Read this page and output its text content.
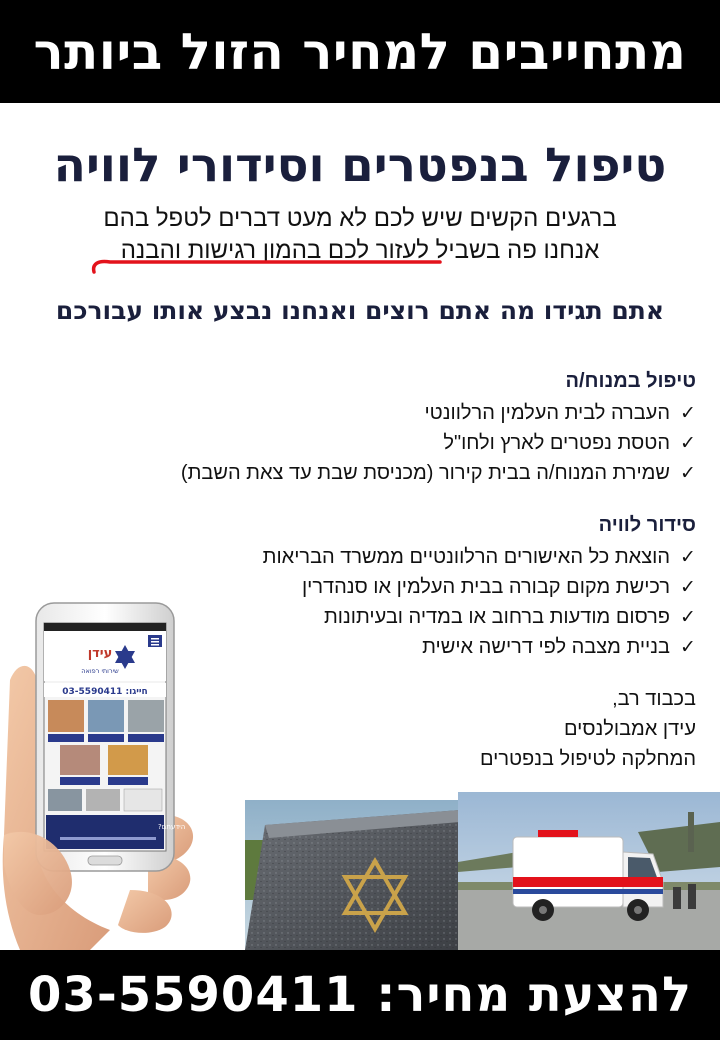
מתחייבים למחיר הזול ביותר
טיפול בנפטרים וסידורי לוויה
ברגעים הקשים שיש לכם לא מעט דברים לטפל בהם
אנחנו פה בשביל לעזור לכם בהמון רגישות והבנה
אתם תגידו מה אתם רוצים ואנחנו נבצע אותו עבורכם
טיפול במנוח/ה
✓
העברה לבית העלמין הרלוונטי
✓
הטסת נפטרים לארץ ולחו"ל
✓
שמירת המנוח/ה בבית קירור (מכניסת שבת עד צאת השבת)
סידור לוויה
✓
הוצאת כל האישורים הרלוונטיים ממשרד הבריאות
✓
רכישת מקום קבורה בבית העלמין או סנהדרין
✓
פרסום מודעות ברחוב או במדיה ובעיתונות
✓
בניית מצבה לפי דרישה אישית
בכבוד רב,
עידן אמבולנסים
המחלקה לטיפול בנפטרים
עידן
שירותי רפואה
חייגו: 03-5590411
הידעתם?
להצעת מחיר: 03-5590411
